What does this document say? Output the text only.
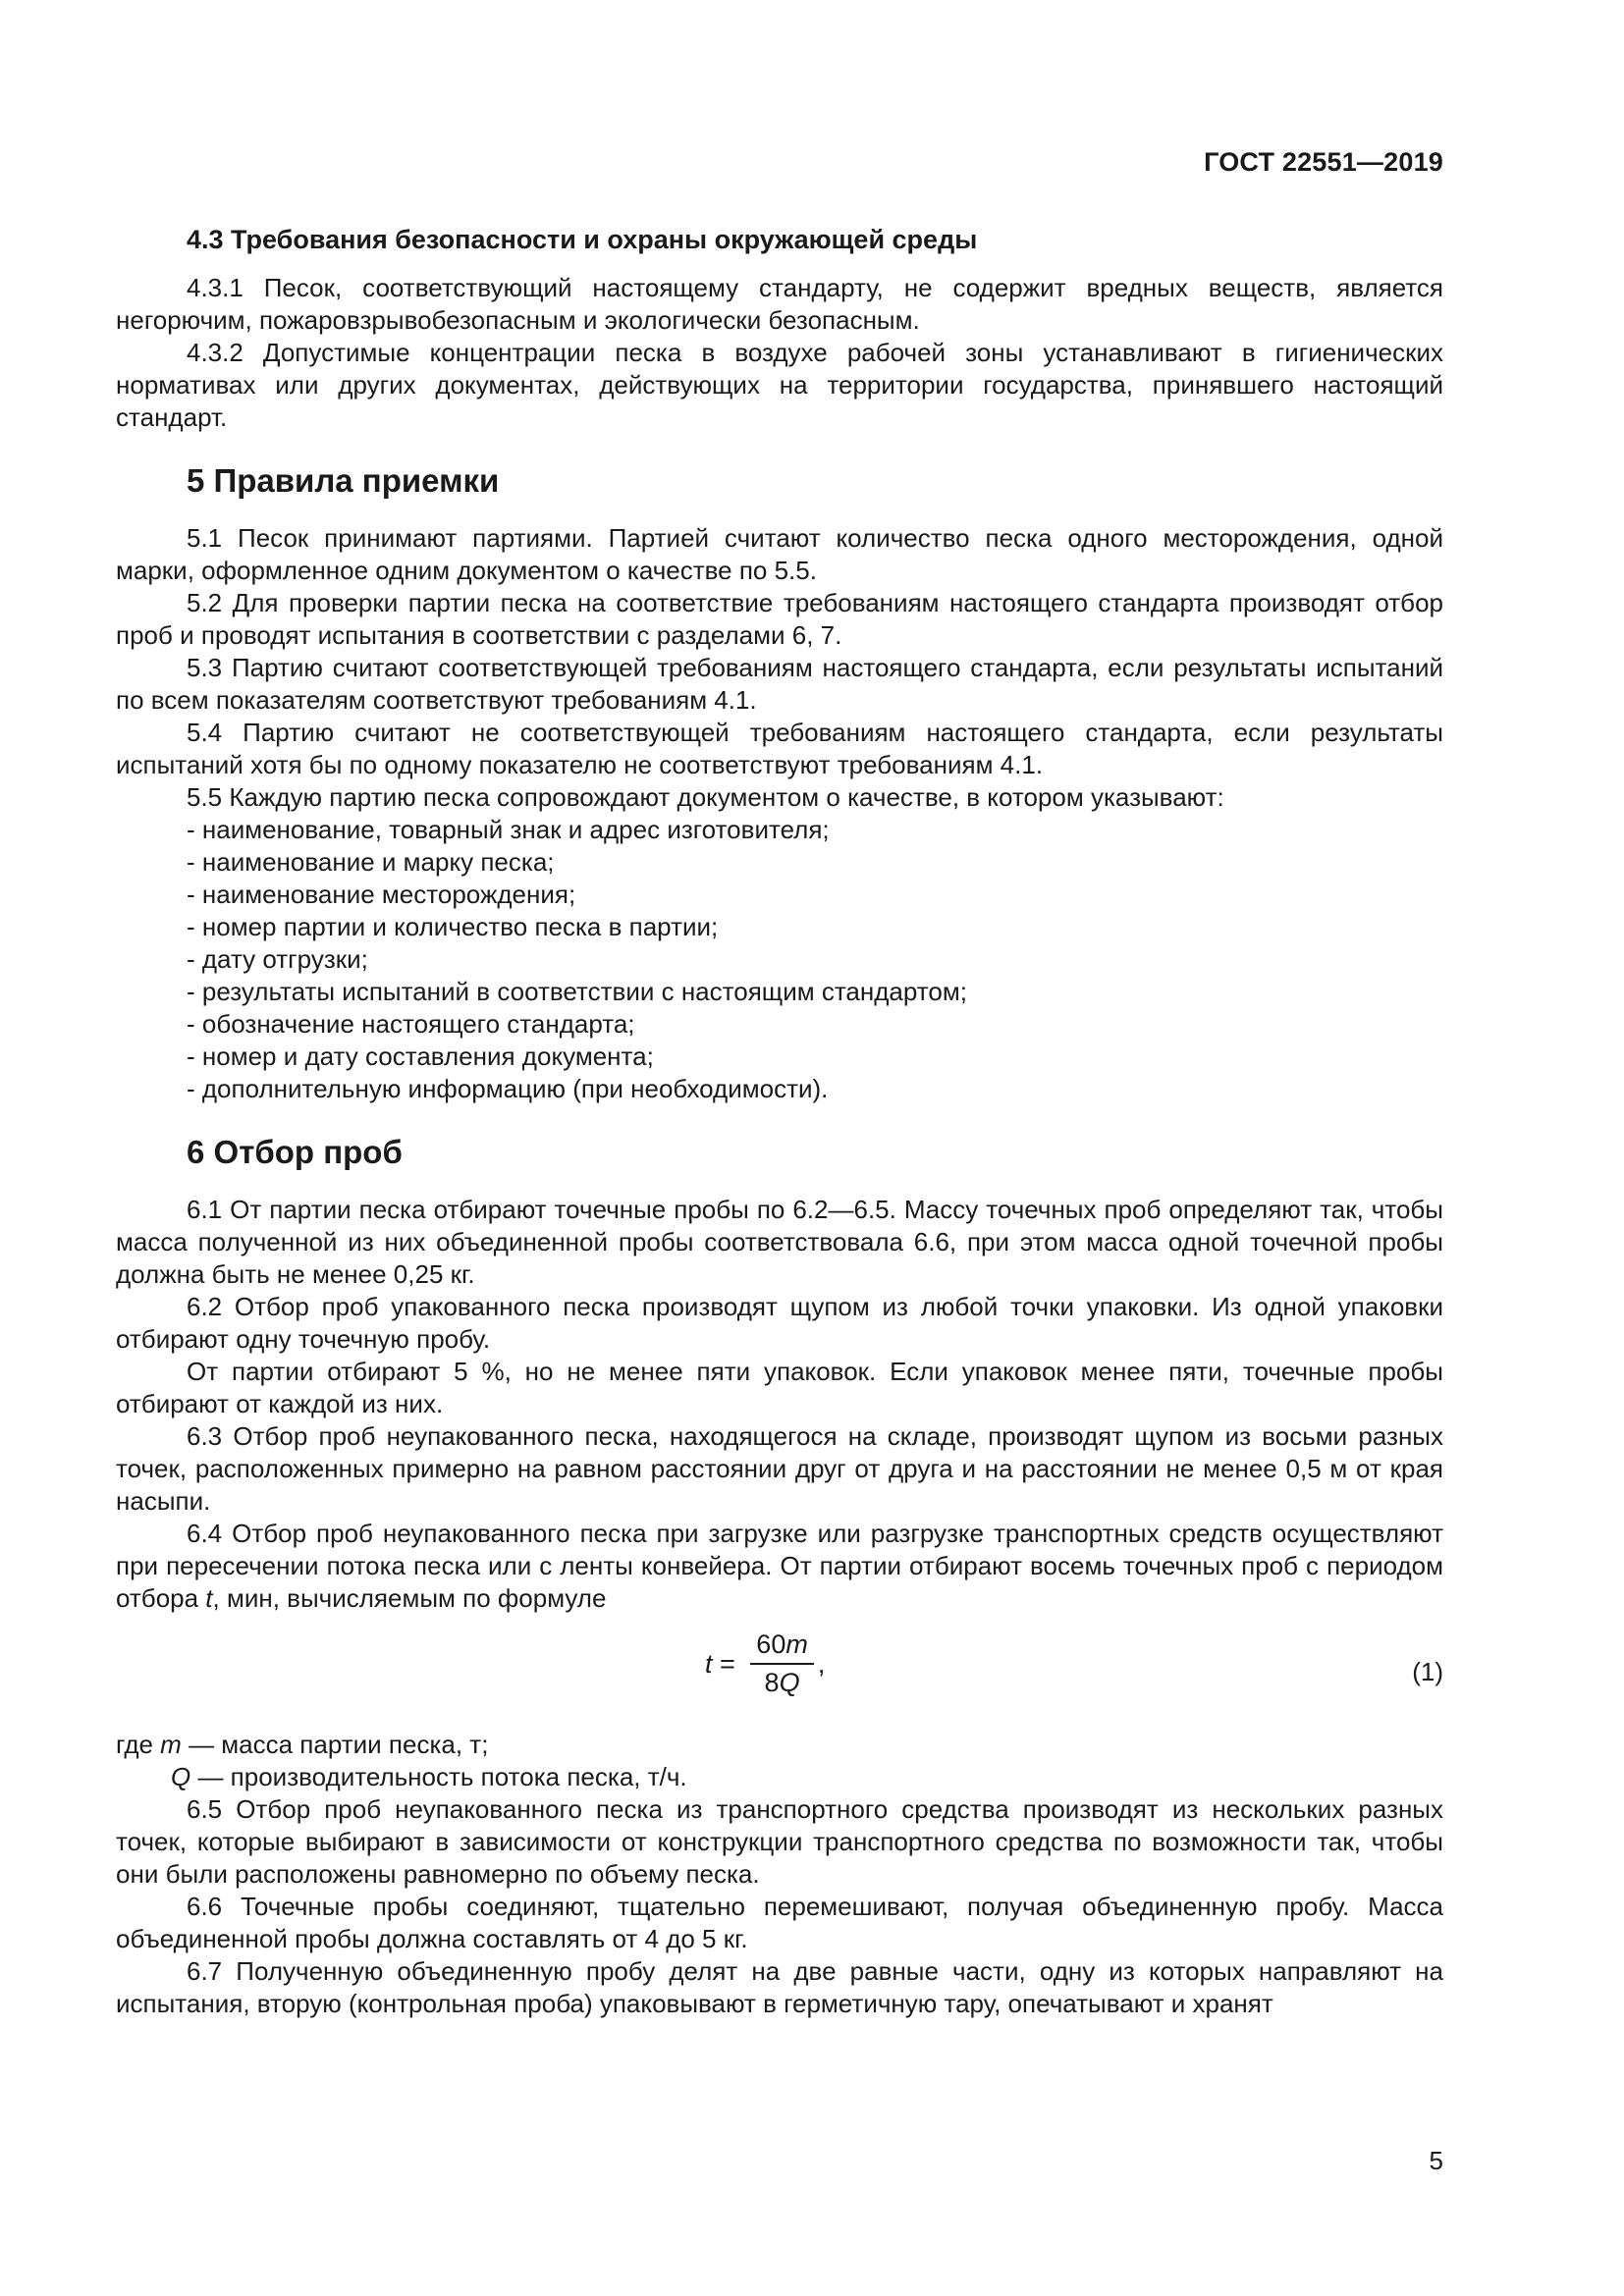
ГОСТ 22551—2019

4.3 Требования безопасности и охраны окружающей среды

4.3.1 Песок, соответствующий настоящему стандарту, не содержит вредных веществ, является негорючим, пожаровзрывобезопасным и экологически безопасным.

4.3.2 Допустимые концентрации песка в воздухе рабочей зоны устанавливают в гигиенических нормативах или других документах, действующих на территории государства, принявшего настоящий стандарт.

5 Правила приемки

5.1 Песок принимают партиями. Партией считают количество песка одного месторождения, одной марки, оформленное одним документом о качестве по 5.5.

5.2 Для проверки партии песка на соответствие требованиям настоящего стандарта производят отбор проб и проводят испытания в соответствии с разделами 6, 7.

5.3 Партию считают соответствующей требованиям настоящего стандарта, если результаты испытаний по всем показателям соответствуют требованиям 4.1.

5.4 Партию считают не соответствующей требованиям настоящего стандарта, если результаты испытаний хотя бы по одному показателю не соответствуют требованиям 4.1.

5.5 Каждую партию песка сопровождают документом о качестве, в котором указывают:

- наименование, товарный знак и адрес изготовителя;

- наименование и марку песка;

- наименование месторождения;

- номер партии и количество песка в партии;

- дату отгрузки;

- результаты испытаний в соответствии с настоящим стандартом;

- обозначение настоящего стандарта;

- номер и дату составления документа;

- дополнительную информацию (при необходимости).

6 Отбор проб

6.1 От партии песка отбирают точечные пробы по 6.2—6.5. Массу точечных проб определяют так, чтобы масса полученной из них объединенной пробы соответствовала 6.6, при этом масса одной точечной пробы должна быть не менее 0,25 кг.

6.2 Отбор проб упакованного песка производят щупом из любой точки упаковки. Из одной упаковки отбирают одну точечную пробу.

От партии отбирают 5 %, но не менее пяти упаковок. Если упаковок менее пяти, точечные пробы отбирают от каждой из них.

6.3 Отбор проб неупакованного песка, находящегося на складе, производят щупом из восьми разных точек, расположенных примерно на равном расстоянии друг от друга и на расстоянии не менее 0,5 м от края насыпи.

6.4 Отбор проб неупакованного песка при загрузке или разгрузке транспортных средств осуществляют при пересечении потока песка или с ленты конвейера. От партии отбирают восемь точечных проб с периодом отбора t, мин, вычисляемым по формуле

$t = \frac{60m}{8Q}$ ,	(1)

где m — масса партии песка, т;

Q — производительность потока песка, т/ч.

6.5 Отбор проб неупакованного песка из транспортного средства производят из нескольких разных точек, которые выбирают в зависимости от конструкции транспортного средства по возможности так, чтобы они были расположены равномерно по объему песка.

6.6 Точечные пробы соединяют, тщательно перемешивают, получая объединенную пробу. Масса объединенной пробы должна составлять от 4 до 5 кг.

6.7 Полученную объединенную пробу делят на две равные части, одну из которых направляют на испытания, вторую (контрольная проба) упаковывают в герметичную тару, опечатывают и хранят

5
